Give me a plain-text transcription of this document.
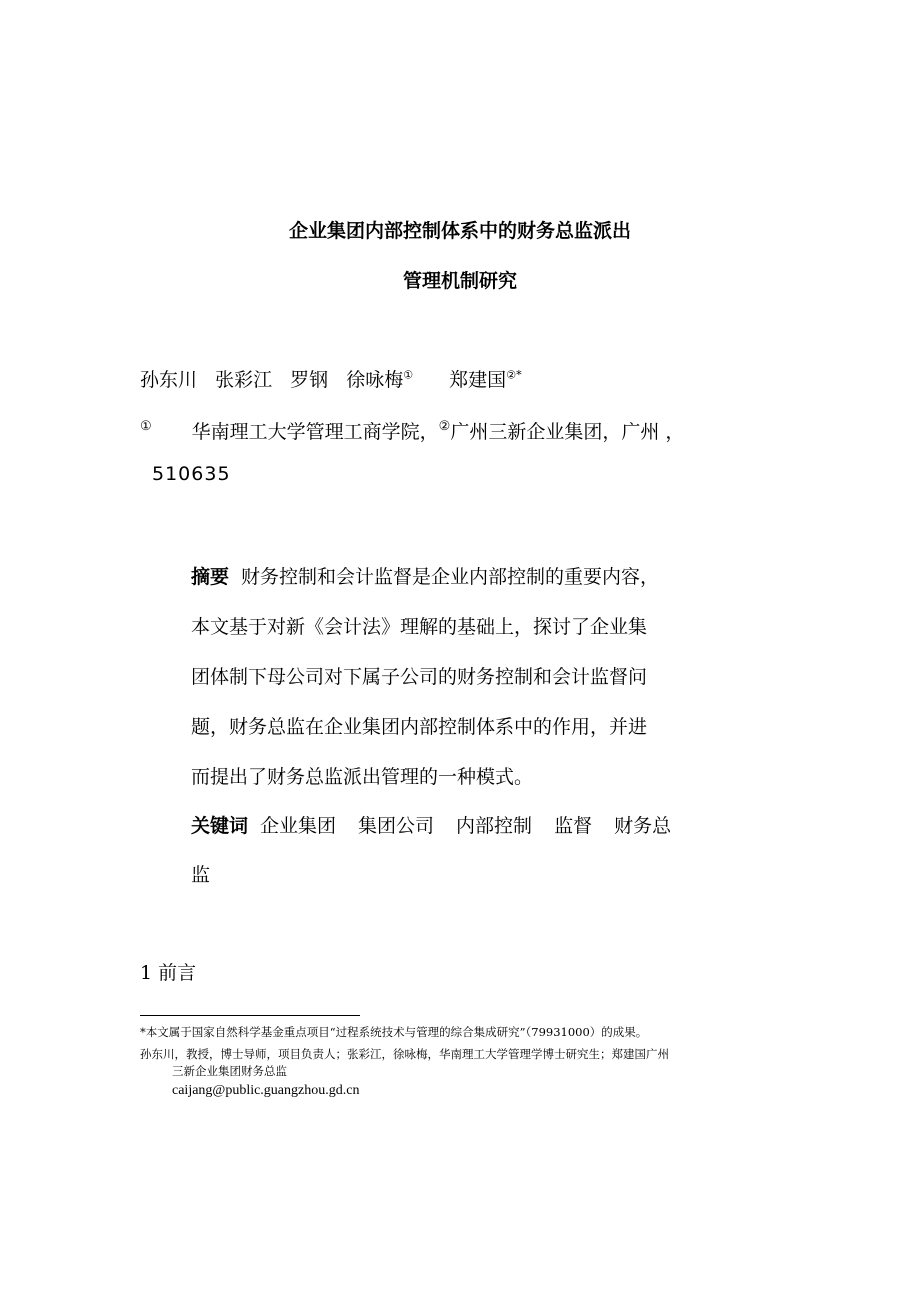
企业集团内部控制体系中的财务总监派出
管理机制研究
孙东川 张彩江 罗钢 徐咏梅① 郑建国②*
① 华南理工大学管理工商学院，②广州三新企业集团，广州 ，
510635
摘要 财务控制和会计监督是企业内部控制的重要内容，
本文基于对新《会计法》理解的基础上，探讨了企业集
团体制下母公司对下属子公司的财务控制和会计监督问
题，财务总监在企业集团内部控制体系中的作用，并进
而提出了财务总监派出管理的一种模式。
关键词 企业集团 集团公司 内部控制 监督 财务总
监
1 前言
*本文属于国家自然科学基金重点项目“过程系统技术与管理的综合集成研究”（79931000）的成果。
孙东川，教授，博士导师，项目负责人；张彩江，徐咏梅，华南理工大学管理学博士研究生；郑建国广州
三新企业集团财务总监
caijang@public.guangzhou.gd.cn
